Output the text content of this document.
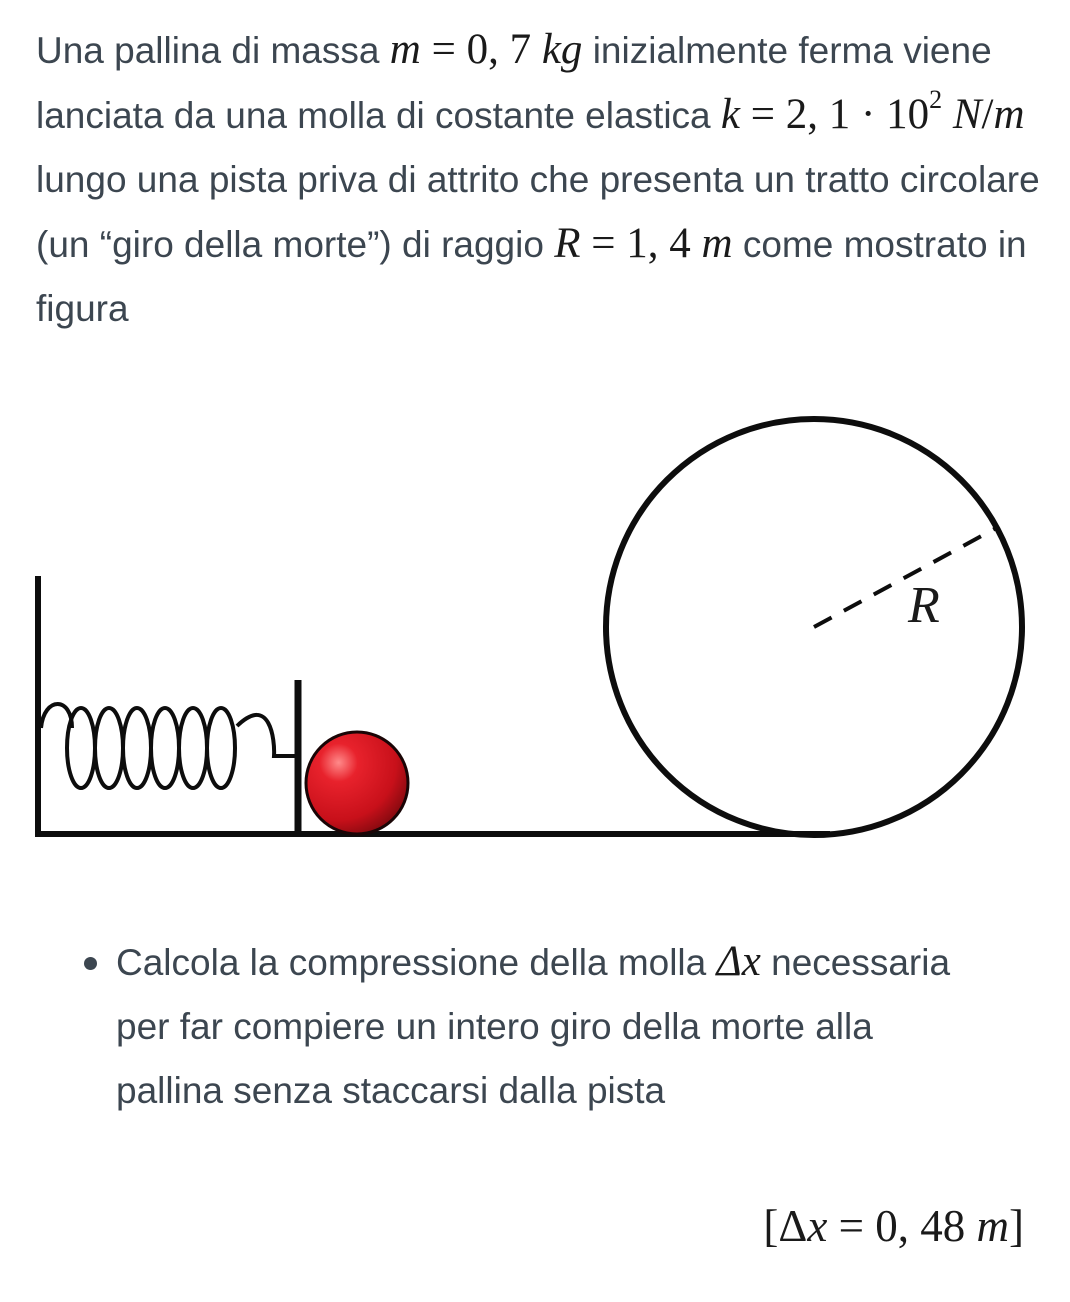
Una pallina di massa m = 0, 7 kg inizialmente ferma viene lanciata da una molla di costante elastica k = 2, $1 \cdot 10^2$ N/m lungo una pista priva di attrito che presenta un tratto circolare (un “giro della morte”) di raggio R = 1, 4 m come mostrato in figura

R
Calcola la compressione della molla Δx necessaria per far compiere un intero giro della morte alla pallina senza staccarsi dalla pista
[Δx = 0, 48 m]
